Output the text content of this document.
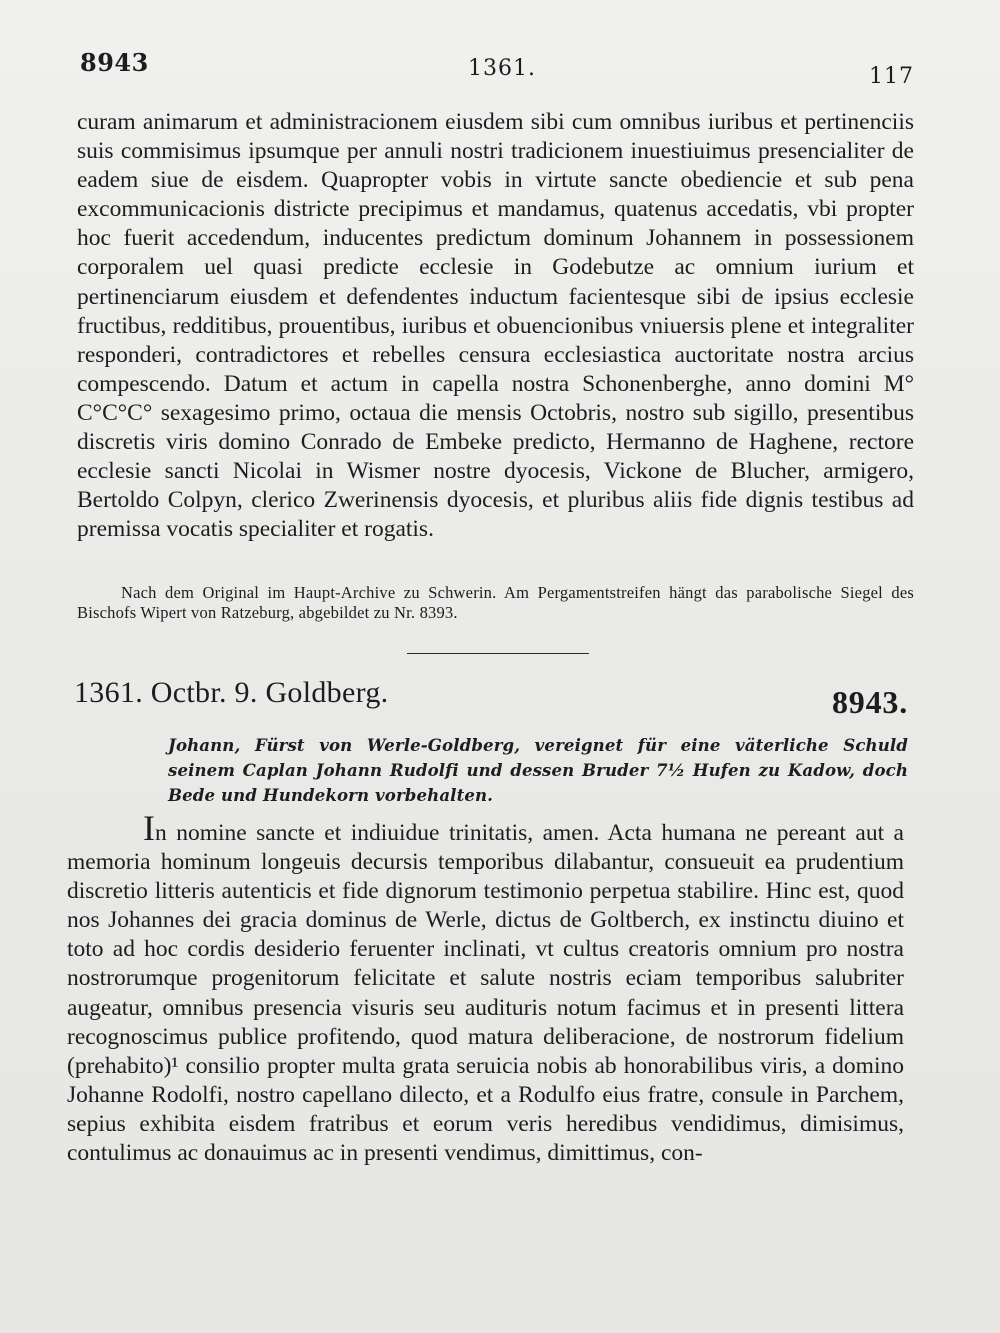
8943	1361.	117

curam animarum et administracionem eiusdem sibi cum omnibus iuribus et pertinenciis suis commisimus ipsumque per annuli nostri tradicionem inuestiuimus presencialiter de eadem siue de eisdem. Quapropter vobis in virtute sancte obediencie et sub pena excommunicacionis districte precipimus et mandamus, quatenus accedatis, vbi propter hoc fuerit accedendum, inducentes predictum dominum Johannem in possessionem corporalem uel quasi predicte ecclesie in Godebutze ac omnium iurium et pertinenciarum eiusdem et defendentes inductum facientesque sibi de ipsius ecclesie fructibus, redditibus, prouentibus, iuribus et obuencionibus vniuersis plene et integraliter responderi, contradictores et rebelles censura ecclesiastica auctoritate nostra arcius compescendo. Datum et actum in capella nostra Schonenberghe, anno domini M° C°C°C° sexagesimo primo, octaua die mensis Octobris, nostro sub sigillo, presentibus discretis viris domino Conrado de Embeke predicto, Hermanno de Haghene, rectore ecclesie sancti Nicolai in Wismer nostre dyocesis, Vickone de Blucher, armigero, Bertoldo Colpyn, clerico Zwerinensis dyocesis, et pluribus aliis fide dignis testibus ad premissa vocatis specialiter et rogatis.

Nach dem Original im Haupt-Archive zu Schwerin. Am Pergamentstreifen hängt das parabolische Siegel des Bischofs Wipert von Ratzeburg, abgebildet zu Nr. 8393.
1361. Octbr. 9. Goldberg.	8943.
Johann, Fürst von Werle-Goldberg, vereignet für eine väterliche Schuld seinem Caplan Johann Rudolfi und dessen Bruder 7½ Hufen zu Kadow, doch Bede und Hundekorn vorbehalten.

In nomine sancte et indiuidue trinitatis, amen. Acta humana ne pereant aut a memoria hominum longeuis decursis temporibus dilabantur, consueuit ea prudentium discretio litteris autenticis et fide dignorum testimonio perpetua stabilire. Hinc est, quod nos Johannes dei gracia dominus de Werle, dictus de Goltberch, ex instinctu diuino et toto ad hoc cordis desiderio feruenter inclinati, vt cultus creatoris omnium pro nostra nostrorumque progenitorum felicitate et salute nostris eciam temporibus salubriter augeatur, omnibus presencia visuris seu audituris notum facimus et in presenti littera recognoscimus publice profitendo, quod matura deliberacione, de nostrorum fidelium (prehabito)¹ consilio propter multa grata seruicia nobis ab honorabilibus viris, a domino Johanne Rodolfi, nostro capellano dilecto, et a Rodulfo eius fratre, consule in Parchem, sepius exhibita eisdem fratribus et eorum veris heredibus vendidimus, dimisimus, contulimus ac donauimus ac in presenti vendimus, dimittimus, con-
